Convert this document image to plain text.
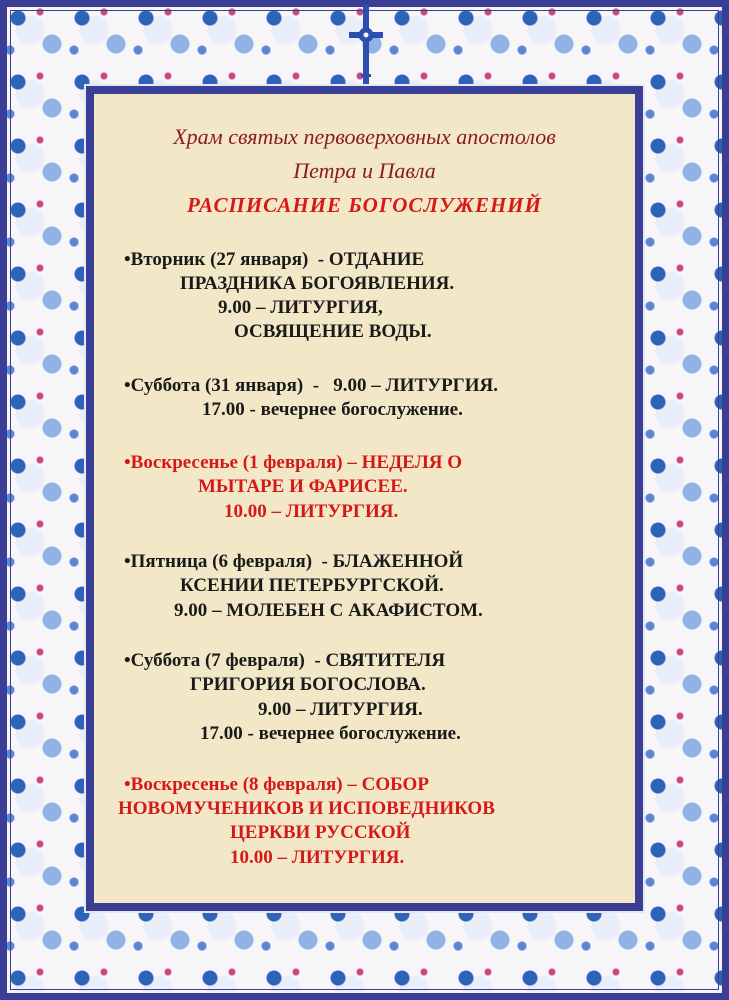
Храм святых первоверховных апостолов
Петра и Павла
РАСПИСАНИЕ БОГОСЛУЖЕНИЙ
•Вторник (27 января)  - ОТДАНИЕ
ПРАЗДНИКА БОГОЯВЛЕНИЯ.
9.00 – ЛИТУРГИЯ,
ОСВЯЩЕНИЕ ВОДЫ.
•Суббота (31 января)  -   9.00 – ЛИТУРГИЯ.
17.00 - вечернее богослужение.
•Воскресенье (1 февраля) – НЕДЕЛЯ О
МЫТАРЕ И ФАРИСЕЕ.
10.00 – ЛИТУРГИЯ.
•Пятница (6 февраля)  - БЛАЖЕННОЙ
КСЕНИИ ПЕТЕРБУРГСКОЙ.
9.00 – МОЛЕБЕН С АКАФИСТОМ.
•Суббота (7 февраля)  - СВЯТИТЕЛЯ
ГРИГОРИЯ БОГОСЛОВА.
9.00 – ЛИТУРГИЯ.
17.00 - вечернее богослужение.
•Воскресенье (8 февраля) – СОБОР
НОВОМУЧЕНИКОВ И ИСПОВЕДНИКОВ
ЦЕРКВИ РУССКОЙ
10.00 – ЛИТУРГИЯ.
